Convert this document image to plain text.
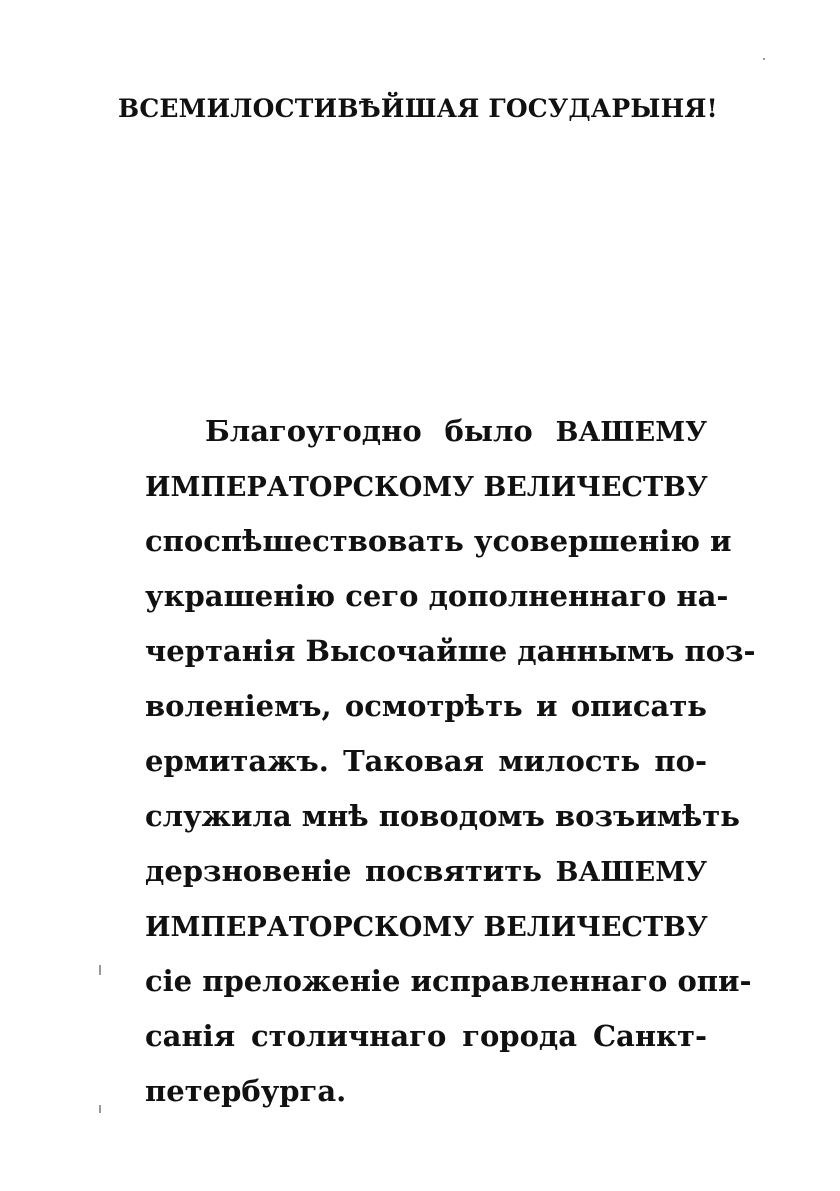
ВСЕМИЛОСТИВѢЙШАЯ ГОСУДАРЫНЯ!
Благоугодно было ВАШЕМУ
ИМПЕРАТОРСКОМУ ВЕЛИЧЕСТВУ
споспѣшествовать усовершенію и
украшенію сего дополненнаго на-
чертанія Высочайше даннымъ поз-
воленіемъ, осмотрѣть и описать
ермитажъ. Таковая милость по-
служила мнѣ поводомъ возъимѣть
дерзновеніе посвятить ВАШЕМУ
ИМПЕРАТОРСКОМУ ВЕЛИЧЕСТВУ
сіе преложеніе исправленнаго опи-
санія столичнаго города Санкт-
петербурга.
